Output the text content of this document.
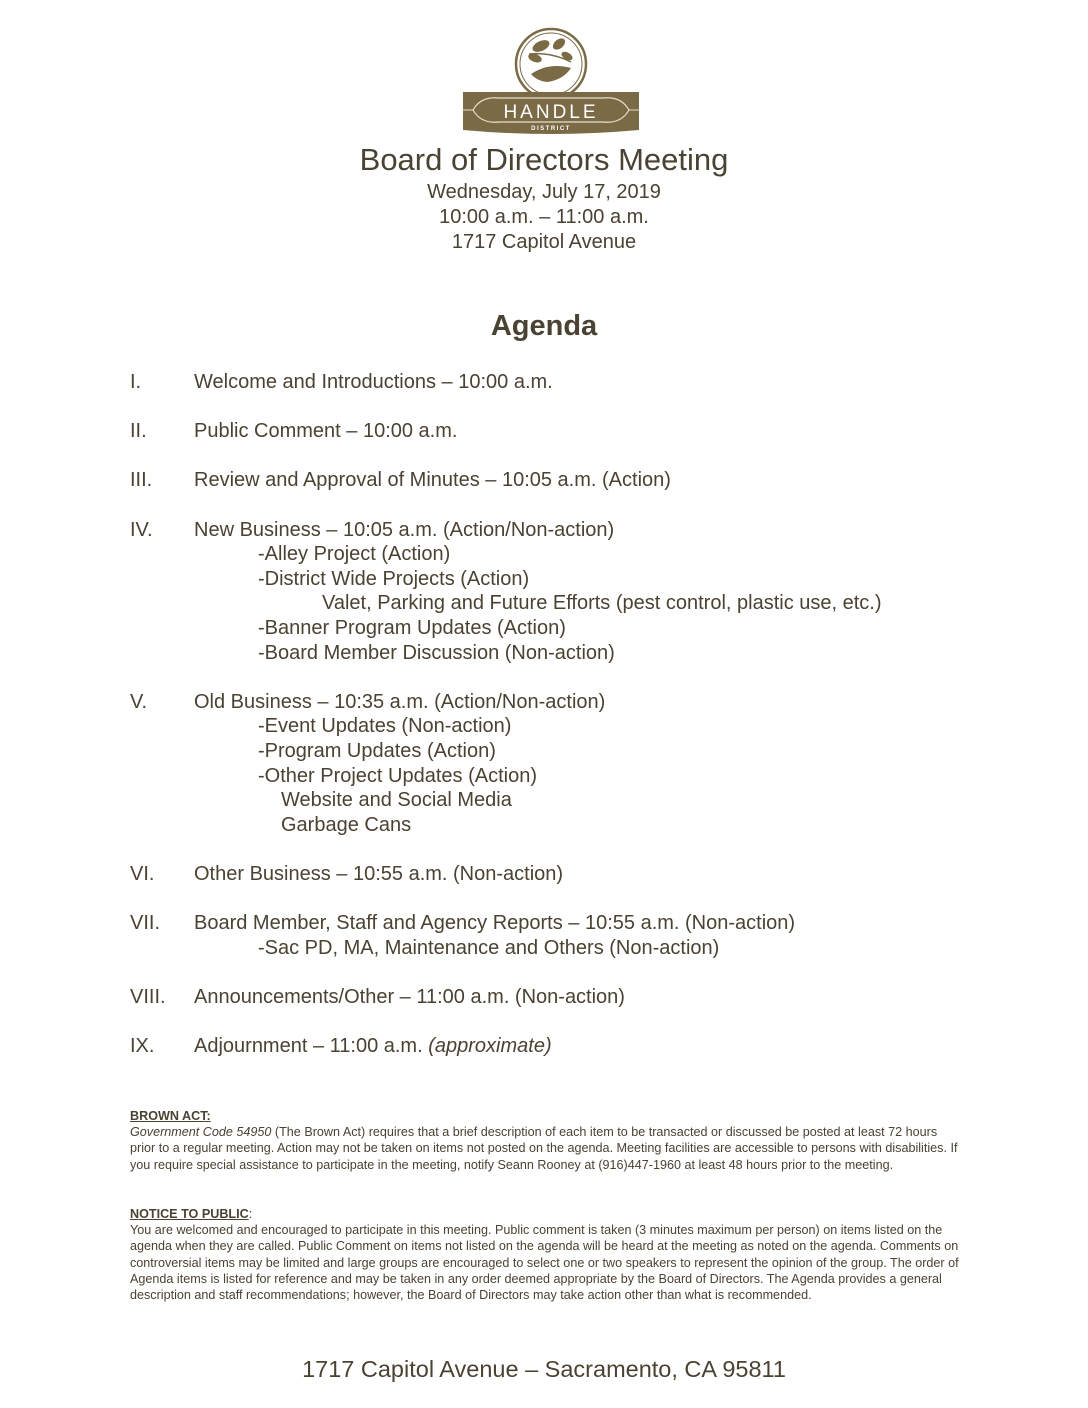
HANDLE
DISTRICT
Board of Directors Meeting
Wednesday, July 17, 2019
10:00 a.m. – 11:00 a.m.
1717 Capitol Avenue
Agenda
I.	Welcome and Introductions – 10:00 a.m.
II.	Public Comment – 10:00 a.m.
III.	Review and Approval of Minutes – 10:05 a.m. (Action)
IV.	New Business – 10:05 a.m. (Action/Non-action)
-Alley Project (Action)
-District Wide Projects (Action)
Valet, Parking and Future Efforts (pest control, plastic use, etc.)
-Banner Program Updates (Action)
-Board Member Discussion (Non-action)
V.	Old Business – 10:35 a.m. (Action/Non-action)
-Event Updates (Non-action)
-Program Updates (Action)
-Other Project Updates (Action)
Website and Social Media
Garbage Cans
VI.	Other Business – 10:55 a.m. (Non-action)
VII.	Board Member, Staff and Agency Reports – 10:55 a.m. (Non-action)
-Sac PD, MA, Maintenance and Others (Non-action)
VIII.	Announcements/Other – 11:00 a.m. (Non-action)
IX.	Adjournment – 11:00 a.m. (approximate)
BROWN ACT:
Government Code 54950 (The Brown Act) requires that a brief description of each item to be transacted or discussed be posted at least 72 hours prior to a regular meeting. Action may not be taken on items not posted on the agenda. Meeting facilities are accessible to persons with disabilities. If you require special assistance to participate in the meeting, notify Seann Rooney at (916)447-1960 at least 48 hours prior to the meeting.
NOTICE TO PUBLIC:
You are welcomed and encouraged to participate in this meeting. Public comment is taken (3 minutes maximum per person) on items listed on the agenda when they are called. Public Comment on items not listed on the agenda will be heard at the meeting as noted on the agenda. Comments on controversial items may be limited and large groups are encouraged to select one or two speakers to represent the opinion of the group. The order of Agenda items is listed for reference and may be taken in any order deemed appropriate by the Board of Directors. The Agenda provides a general description and staff recommendations; however, the Board of Directors may take action other than what is recommended.
1717 Capitol Avenue – Sacramento, CA 95811
